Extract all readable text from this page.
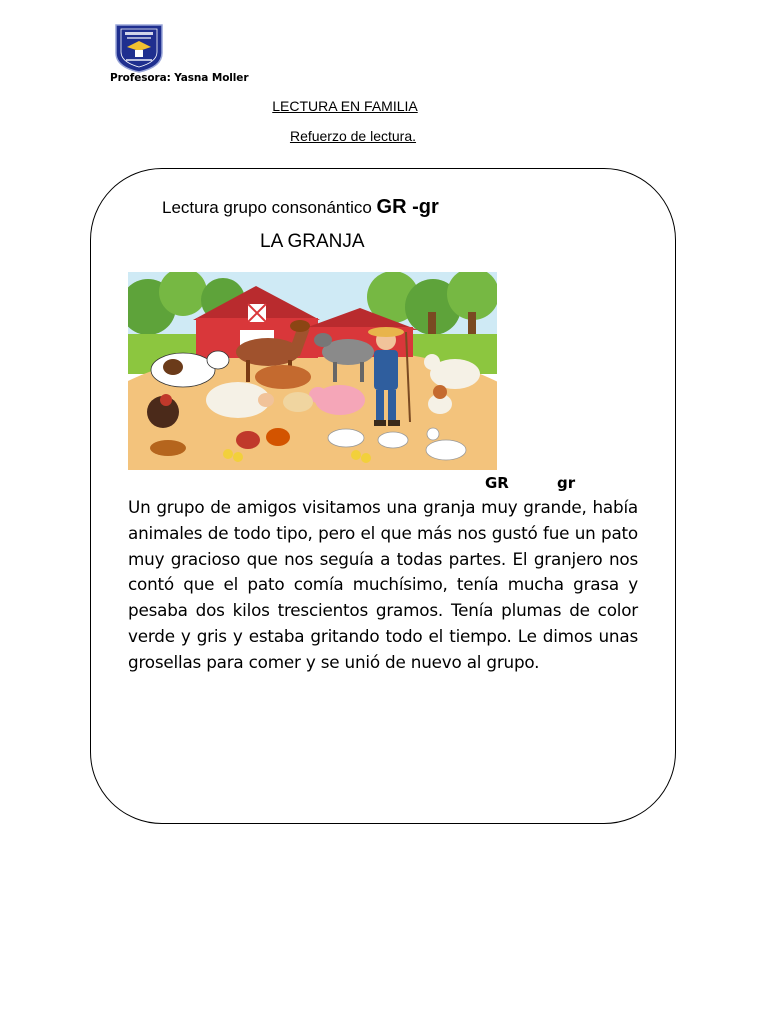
Profesora: Yasna Moller
LECTURA EN FAMILIA
Refuerzo de lectura.
Lectura grupo consonántico GR -gr
LA GRANJA
GR	gr

Un grupo de amigos visitamos una granja muy grande, había animales de todo tipo, pero el que más nos gustó fue un pato muy gracioso que nos seguía a todas partes. El granjero nos contó que el pato comía muchísimo, tenía mucha grasa y pesaba dos kilos trescientos gramos. Tenía plumas de color verde y gris y estaba gritando todo el tiempo. Le dimos unas grosellas para comer y se unió de nuevo al grupo.
